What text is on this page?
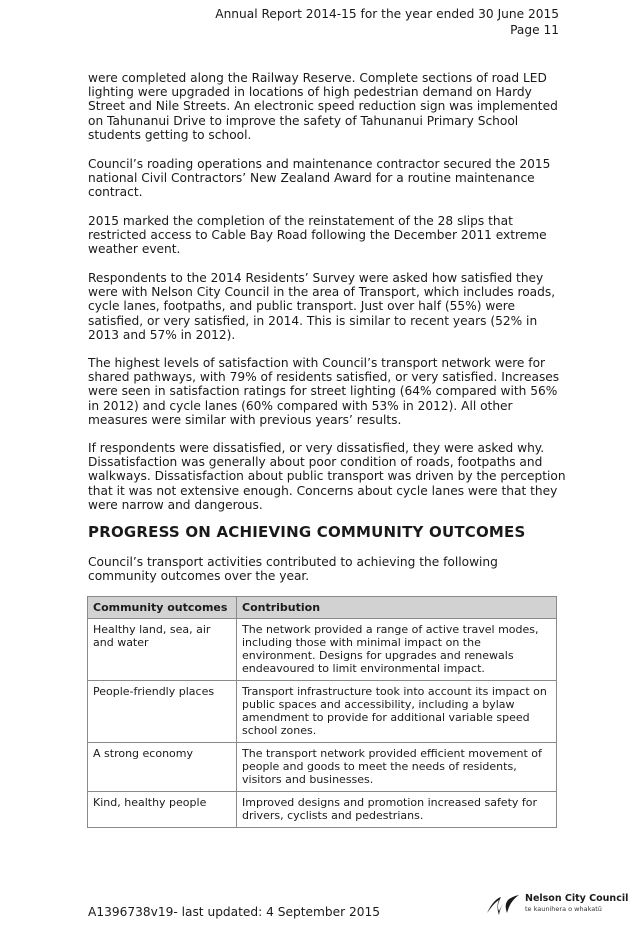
Annual Report 2014-15 for the year ended 30 June 2015
Page 11

were completed along the Railway Reserve. Complete sections of road LED lighting were upgraded in locations of high pedestrian demand on Hardy Street and Nile Streets. An electronic speed reduction sign was implemented on Tahunanui Drive to improve the safety of Tahunanui Primary School students getting to school.

Council’s roading operations and maintenance contractor secured the 2015 national Civil Contractors’ New Zealand Award for a routine maintenance contract.

2015 marked the completion of the reinstatement of the 28 slips that restricted access to Cable Bay Road following the December 2011 extreme weather event.

Respondents to the 2014 Residents’ Survey were asked how satisfied they were with Nelson City Council in the area of Transport, which includes roads, cycle lanes, footpaths, and public transport. Just over half (55%) were satisfied, or very satisfied, in 2014. This is similar to recent years (52% in 2013 and 57% in 2012).

The highest levels of satisfaction with Council’s transport network were for shared pathways, with 79% of residents satisfied, or very satisfied. Increases were seen in satisfaction ratings for street lighting (64% compared with 56% in 2012) and cycle lanes (60% compared with 53% in 2012). All other measures were similar with previous years’ results.

If respondents were dissatisfied, or very dissatisfied, they were asked why. Dissatisfaction was generally about poor condition of roads, footpaths and walkways. Dissatisfaction about public transport was driven by the perception that it was not extensive enough. Concerns about cycle lanes were that they were narrow and dangerous.

PROGRESS ON ACHIEVING COMMUNITY OUTCOMES

Council’s transport activities contributed to achieving the following community outcomes over the year.

Community outcomes	Contribution
Healthy land, sea, air and water	The network provided a range of active travel modes, including those with minimal impact on the environment. Designs for upgrades and renewals endeavoured to limit environmental impact.
People-friendly places	Transport infrastructure took into account its impact on public spaces and accessibility, including a bylaw amendment to provide for additional variable speed school zones.
A strong economy	The transport network provided efficient movement of people and goods to meet the needs of residents, visitors and businesses.
Kind, healthy people	Improved designs and promotion increased safety for drivers, cyclists and pedestrians.
A1396738v19- last updated: 4 September 2015
Nelson City Council
te kaunihera o whakatū
